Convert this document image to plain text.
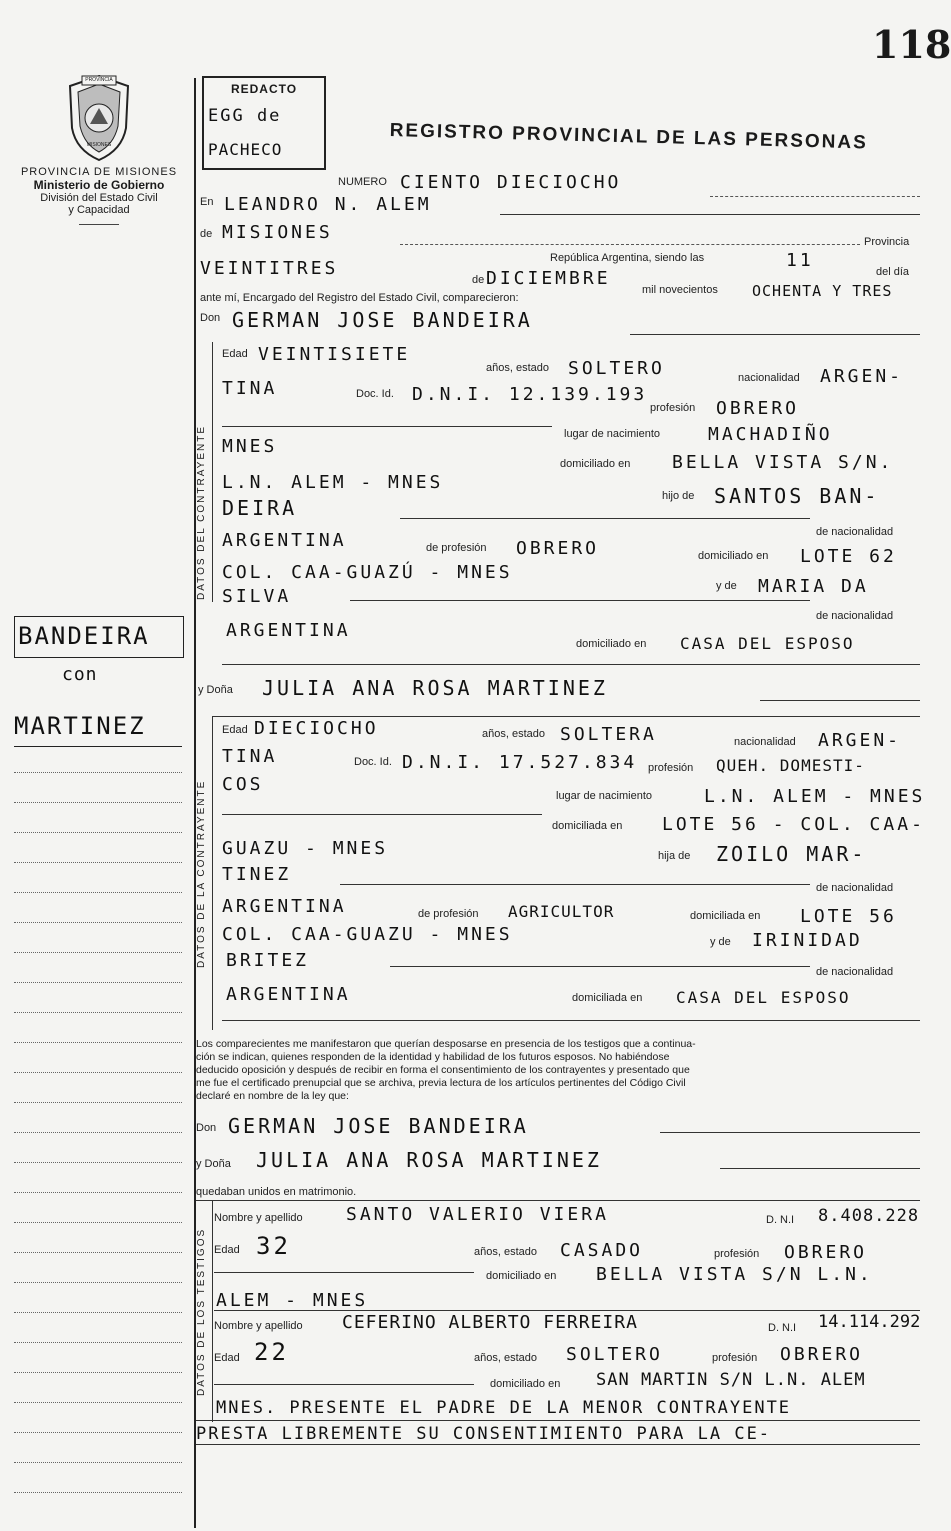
118
PROVINCIA
MISIONES
PROVINCIA DE MISIONES
Ministerio de Gobierno
División del Estado Civil
y Capacidad
BANDEIRA
con
MARTINEZ
REDACTO
EGG de
PACHECO	REGISTRO PROVINCIAL DE LAS PERSONAS
NUMERO CIENTO DIECIOCHO
En LEANDRO N. ALEM
de MISIONES
República Argentina, siendo las	11
Provincia
del día
VEINTITRES
de DICIEMBRE
mil novecientos OCHENTA Y TRES
ante mí, Encargado del Registro del Estado Civil, comparecieron:
Don GERMAN JOSE BANDEIRA
DATOS DEL CONTRAYENTE
Edad VEINTISIETE
años, estado SOLTERO	nacionalidad ARGEN-
TINA	Doc. Id. D.N.I. 12.139.193
profesión OBRERO
lugar de nacimiento	MACHADIÑO
MNES
domiciliado en BELLA VISTA S/N.
L.N. ALEM - MNES
hijo de SANTOS BAN-
DEIRA
de nacionalidad
ARGENTINA	de profesión OBRERO	domiciliado en LOTE 62
COL. CAA-GUAZÚ - MNES
y de MARIA DA
SILVA
de nacionalidad
ARGENTINA
domiciliado en CASA DEL ESPOSO
y Doña JULIA ANA ROSA MARTINEZ
DATOS DE LA CONTRAYENTE
Edad DIECIOCHO	años, estado SOLTERA	nacionalidad ARGEN-
TINA	Doc. Id. D.N.I. 17.527.834 profesión QUEH. DOMESTI-
COS
lugar de nacimiento	L.N. ALEM - MNES
domiciliada en LOTE 56 - COL. CAA-
GUAZU - MNES	hija de ZOILO MAR-
TINEZ
de nacionalidad
ARGENTINA	de profesión AGRICULTOR	domiciliada en LOTE 56
COL. CAA-GUAZU - MNES	y de IRINIDAD
BRITEZ
de nacionalidad
ARGENTINA	domiciliada en CASA DEL ESPOSO
Los comparecientes me manifestaron que querían desposarse en presencia de los testigos que a continua-
ción se indican, quienes responden de la identidad y habilidad de los futuros esposos. No habiéndose
deducido oposición y después de recibir en forma el consentimiento de los contrayentes y presentado que
me fue el certificado prenupcial que se archiva, previa lectura de los artículos pertinentes del Código Civil
declaré en nombre de la ley que:
Don GERMAN JOSE BANDEIRA
y Doña JULIA ANA ROSA MARTINEZ
quedaban unidos en matrimonio.
DATOS DE LOS TESTIGOS
Nombre y apellido SANTO VALERIO VIERA	D. N.I 8.408.228
Edad 32	años, estado CASADO	profesión OBRERO
domiciliado en BELLA VISTA S/N L.N.
ALEM - MNES
Nombre y apellido CEFERINO ALBERTO FERREIRA	D. N.I 14.114.292
Edad 22	años, estado SOLTERO	profesión OBRERO
domiciliado en SAN MARTIN S/N L.N. ALEM
MNES. PRESENTE EL PADRE DE LA MENOR CONTRAYENTE
PRESTA LIBREMENTE SU CONSENTIMIENTO PARA LA CE-
